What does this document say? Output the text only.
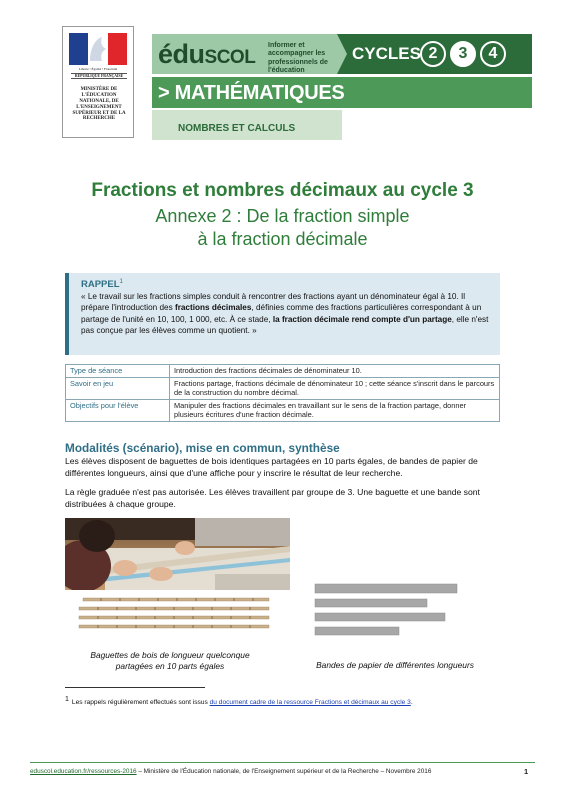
Liberté • Égalité • Fraternité
RÉPUBLIQUE FRANÇAISE
MINISTÈRE DE L'ÉDUCATION NATIONALE, DE L'ENSEIGNEMENT SUPÉRIEUR ET DE LA RECHERCHE
éduscol Informer et accompagner les professionnels de l'éducation
CYCLES 2	3	4
> MATHÉMATIQUES
NOMBRES ET CALCULS
Fractions et nombres décimaux au cycle 3
Annexe 2 : De la fraction simple
à la fraction décimale
RAPPEL$^1$
« Le travail sur les fractions simples conduit à rencontrer des fractions ayant un dénominateur égal à 10. Il prépare l'introduction des fractions décimales, définies comme des fractions particulières correspondant à un partage de l'unité en 10, 100, 1 000, etc. À ce stade, la fraction décimale rend compte d'un partage, elle n'est pas conçue par les élèves comme un quotient. »
Type de séance	Introduction des fractions décimales de dénominateur 10.
Savoir en jeu	Fractions partage, fractions décimale de dénominateur 10 ; cette séance s'inscrit dans le parcours de la construction du nombre décimal.
Objectifs pour l'élève	Manipuler des fractions décimales en travaillant sur le sens de la fraction partage, donner plusieurs écritures d'une fraction décimale.
Modalités (scénario), mise en commun, synthèse
Les élèves disposent de baguettes de bois identiques partagées en 10 parts égales, de bandes de papier de différentes longueurs, ainsi que d'une affiche pour y inscrire le résultat de leur recherche.
La règle graduée n'est pas autorisée. Les élèves travaillent par groupe de 3. Une baguette et une bande sont distribuées à chaque groupe.
Baguettes de bois de longueur quelconque
partagées en 10 parts égales	Bandes de papier de différentes longueurs
1 Les rappels régulièrement effectués sont issus du document cadre de la ressource Fractions et décimaux au cycle 3.
eduscol.education.fr/ressources-2016 – Ministère de l'Éducation nationale, de l'Enseignement supérieur et de la Recherche – Novembre 2016	1
